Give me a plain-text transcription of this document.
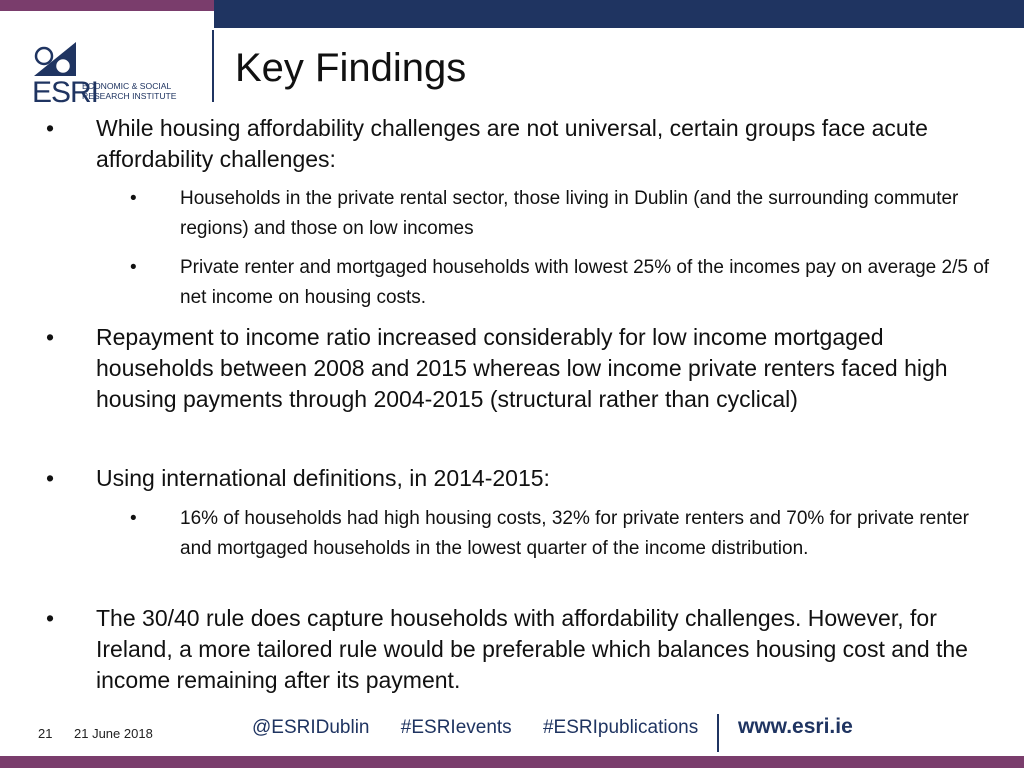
ESRI
ECONOMIC & SOCIAL
RESEARCH INSTITUTE
Key Findings
• While housing affordability challenges are not universal, certain groups face acute affordability challenges:
• Households in the private rental sector, those living in Dublin (and the surrounding commuter regions) and those on low incomes
• Private renter and mortgaged households with lowest 25% of the incomes pay on average 2/5 of net income on housing costs.
• Repayment to income ratio increased considerably for low income mortgaged households between 2008 and 2015 whereas low income private renters faced high housing payments through 2004-2015 (structural rather than cyclical)
• Using international definitions, in 2014-2015:
• 16% of households had high housing costs, 32% for private renters and 70% for private renter and mortgaged households in the lowest quarter of the income distribution.
• The 30/40 rule does capture households with affordability challenges. However, for Ireland, a more tailored rule would be preferable which balances housing cost and the income remaining after its payment.
21 21 June 2018	@ESRIDublin #ESRIevents #ESRIpublications	www.esri.ie
